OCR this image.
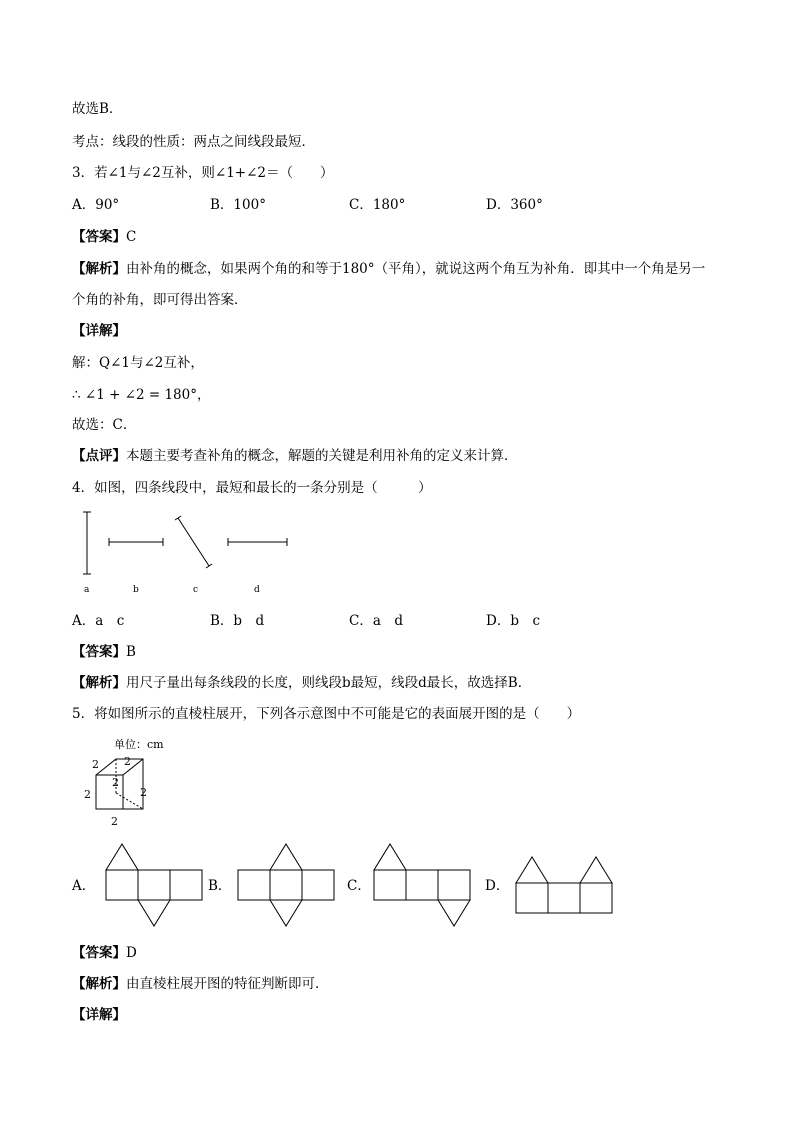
故选B．
考点：线段的性质：两点之间线段最短．
3．若∠1与∠2互补，则∠1+∠2＝（　　）
A．90°	B．100°	C．180°	D．360°
【答案】C
【解析】由补角的概念，如果两个角的和等于180°（平角），就说这两个角互为补角．即其中一个角是另一
个角的补角，即可得出答案．
【详解】
解：Q∠1与∠2互补，
∴ ∠1 + ∠2 = 180°，
故选：C．
【点评】本题主要考查补角的概念，解题的关键是利用补角的定义来计算．
4．如图，四条线段中，最短和最长的一条分别是（　　　）
a	b	c	d
A．a　c	B．b　d	C．a　d	D．b　c
【答案】B
【解析】用尺子量出每条线段的长度，则线段b最短，线段d最长，故选择B．
5．将如图所示的直棱柱展开，下列各示意图中不可能是它的表面展开图的是（　　）
单位：cm
2 2
2
2	2
2
A．	B．	C．	D．
【答案】D
【解析】由直棱柱展开图的特征判断即可．
【详解】
